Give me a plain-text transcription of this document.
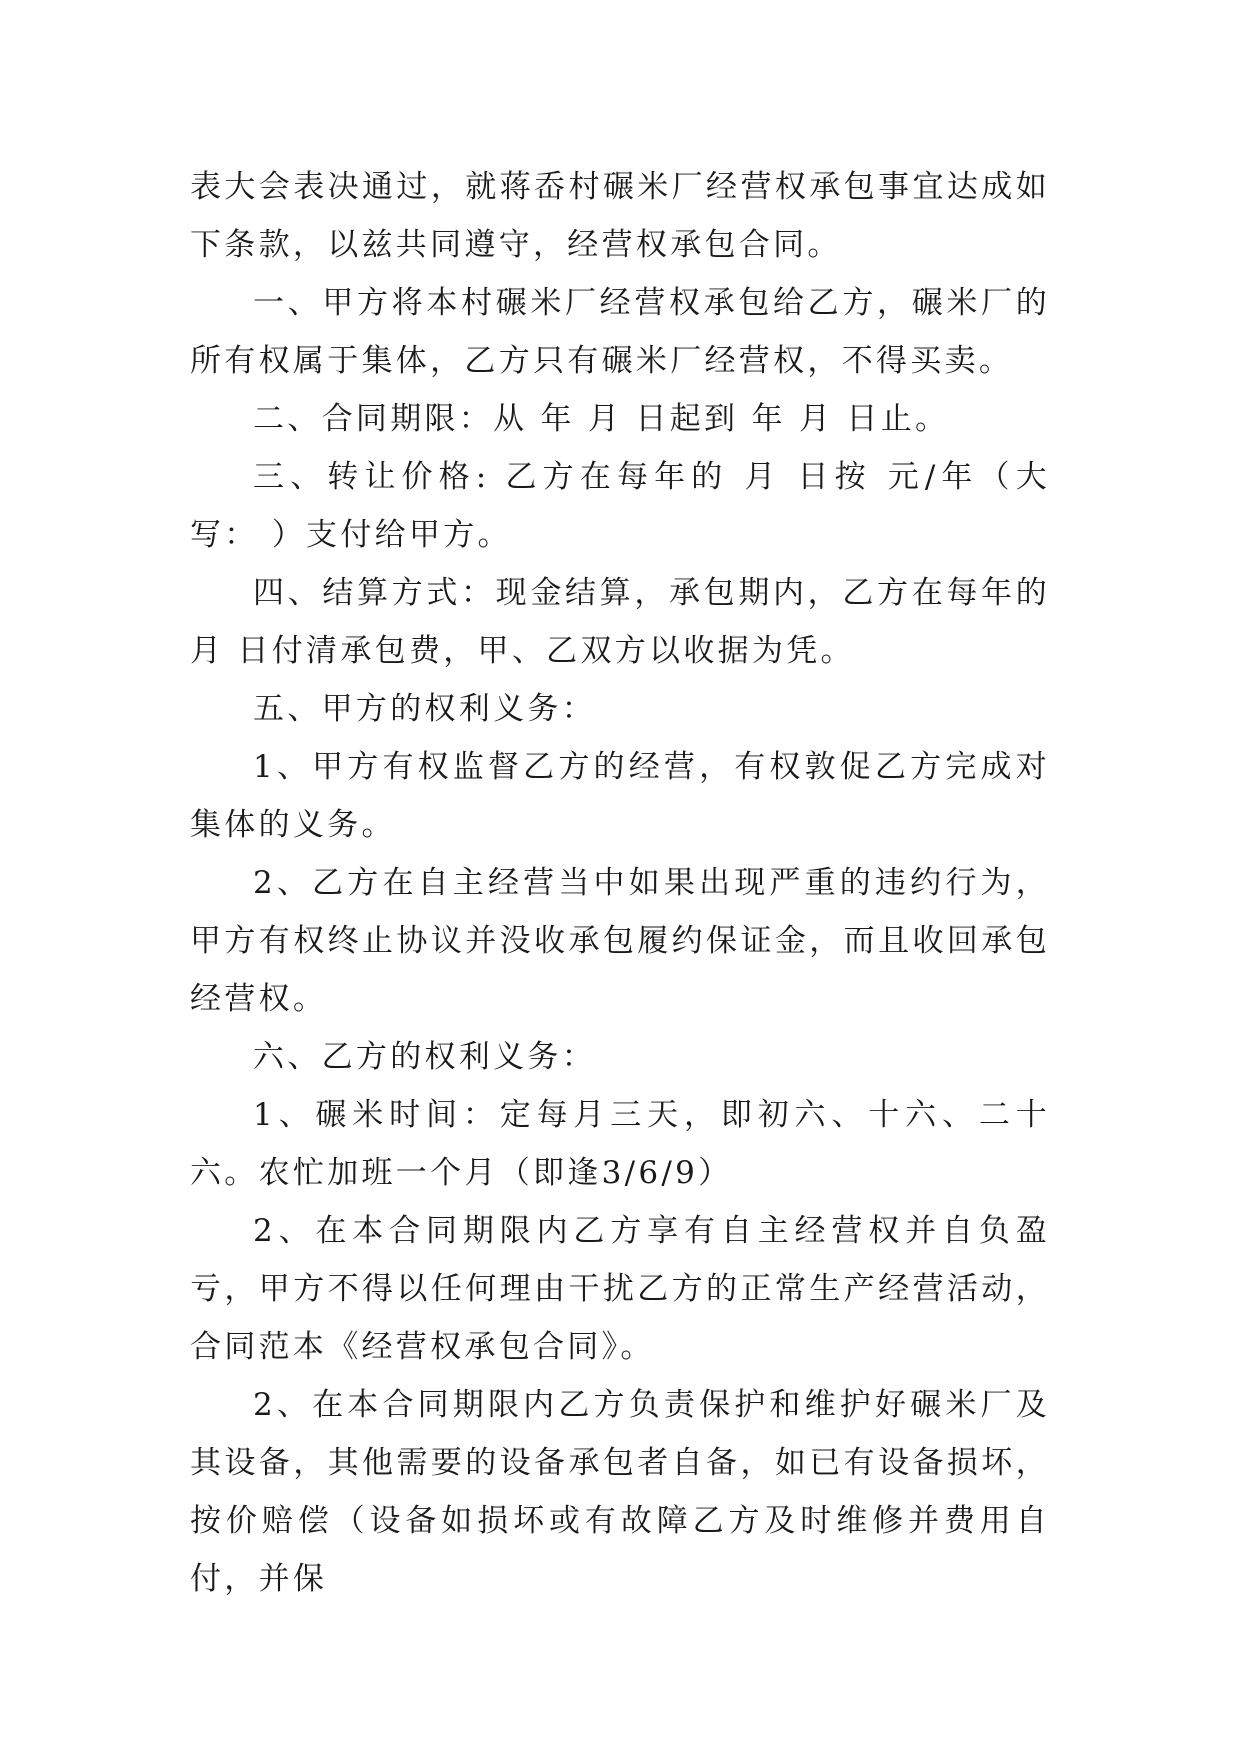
表大会表决通过，就蒋岙村碾米厂经营权承包事宜达成如下条款，以兹共同遵守，经营权承包合同。

一、甲方将本村碾米厂经营权承包给乙方，碾米厂的所有权属于集体，乙方只有碾米厂经营权，不得买卖。

二、合同期限：从 年 月 日起到 年 月 日止。

三、转让价格: 乙方在每年的 月 日按 元/年（大写： ）支付给甲方。

四、结算方式：现金结算，承包期内，乙方在每年的月 日付清承包费，甲、乙双方以收据为凭。

五、甲方的权利义务：

1、甲方有权监督乙方的经营，有权敦促乙方完成对集体的义务。

2、乙方在自主经营当中如果出现严重的违约行为，甲方有权终止协议并没收承包履约保证金，而且收回承包经营权。

六、乙方的权利义务：

1、碾米时间：定每月三天，即初六、十六、二十六。农忙加班一个月（即逢3/6/9）

2、在本合同期限内乙方享有自主经营权并自负盈亏，甲方不得以任何理由干扰乙方的正常生产经营活动，合同范本《经营权承包合同》。

2、在本合同期限内乙方负责保护和维护好碾米厂及其设备，其他需要的设备承包者自备，如已有设备损坏，按价赔偿（设备如损坏或有故障乙方及时维修并费用自付，并保
